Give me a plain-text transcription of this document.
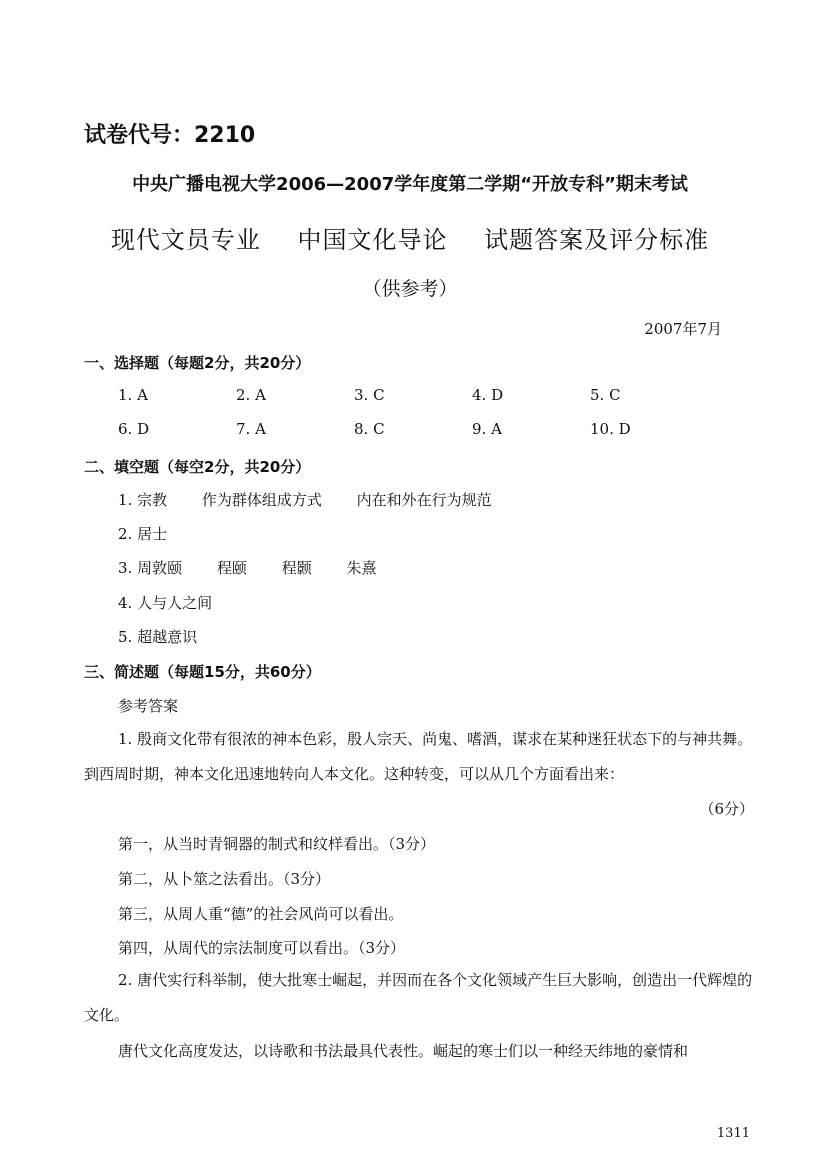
试卷代号：2210
中央广播电视大学2006—2007学年度第二学期“开放专科”期末考试
现代文员专业 中国文化导论 试题答案及评分标准
（供参考）
2007年7月
一、选择题（每题2分，共20分）
1. A	2. A	3. C	4. D	5. C
6. D	7. A	8. C	9. A	10. D
二、填空题（每空2分，共20分）
1. 宗教 作为群体组成方式 内在和外在行为规范
2. 居士
3. 周敦颐 程颐 程颢 朱熹
4. 人与人之间
5. 超越意识
三、简述题（每题15分，共60分）
参考答案
1. 殷商文化带有很浓的神本色彩，殷人宗天、尚鬼、嗜酒，谋求在某种迷狂状态下的与神共舞。到西周时期，神本文化迅速地转向人本文化。这种转变，可以从几个方面看出来：
（6分）
第一，从当时青铜器的制式和纹样看出。（3分）
第二，从卜筮之法看出。（3分）
第三，从周人重“德”的社会风尚可以看出。
第四，从周代的宗法制度可以看出。（3分）
2. 唐代实行科举制，使大批寒士崛起，并因而在各个文化领域产生巨大影响，创造出一代辉煌的文化。
唐代文化高度发达，以诗歌和书法最具代表性。崛起的寒士们以一种经天纬地的豪情和
1311
